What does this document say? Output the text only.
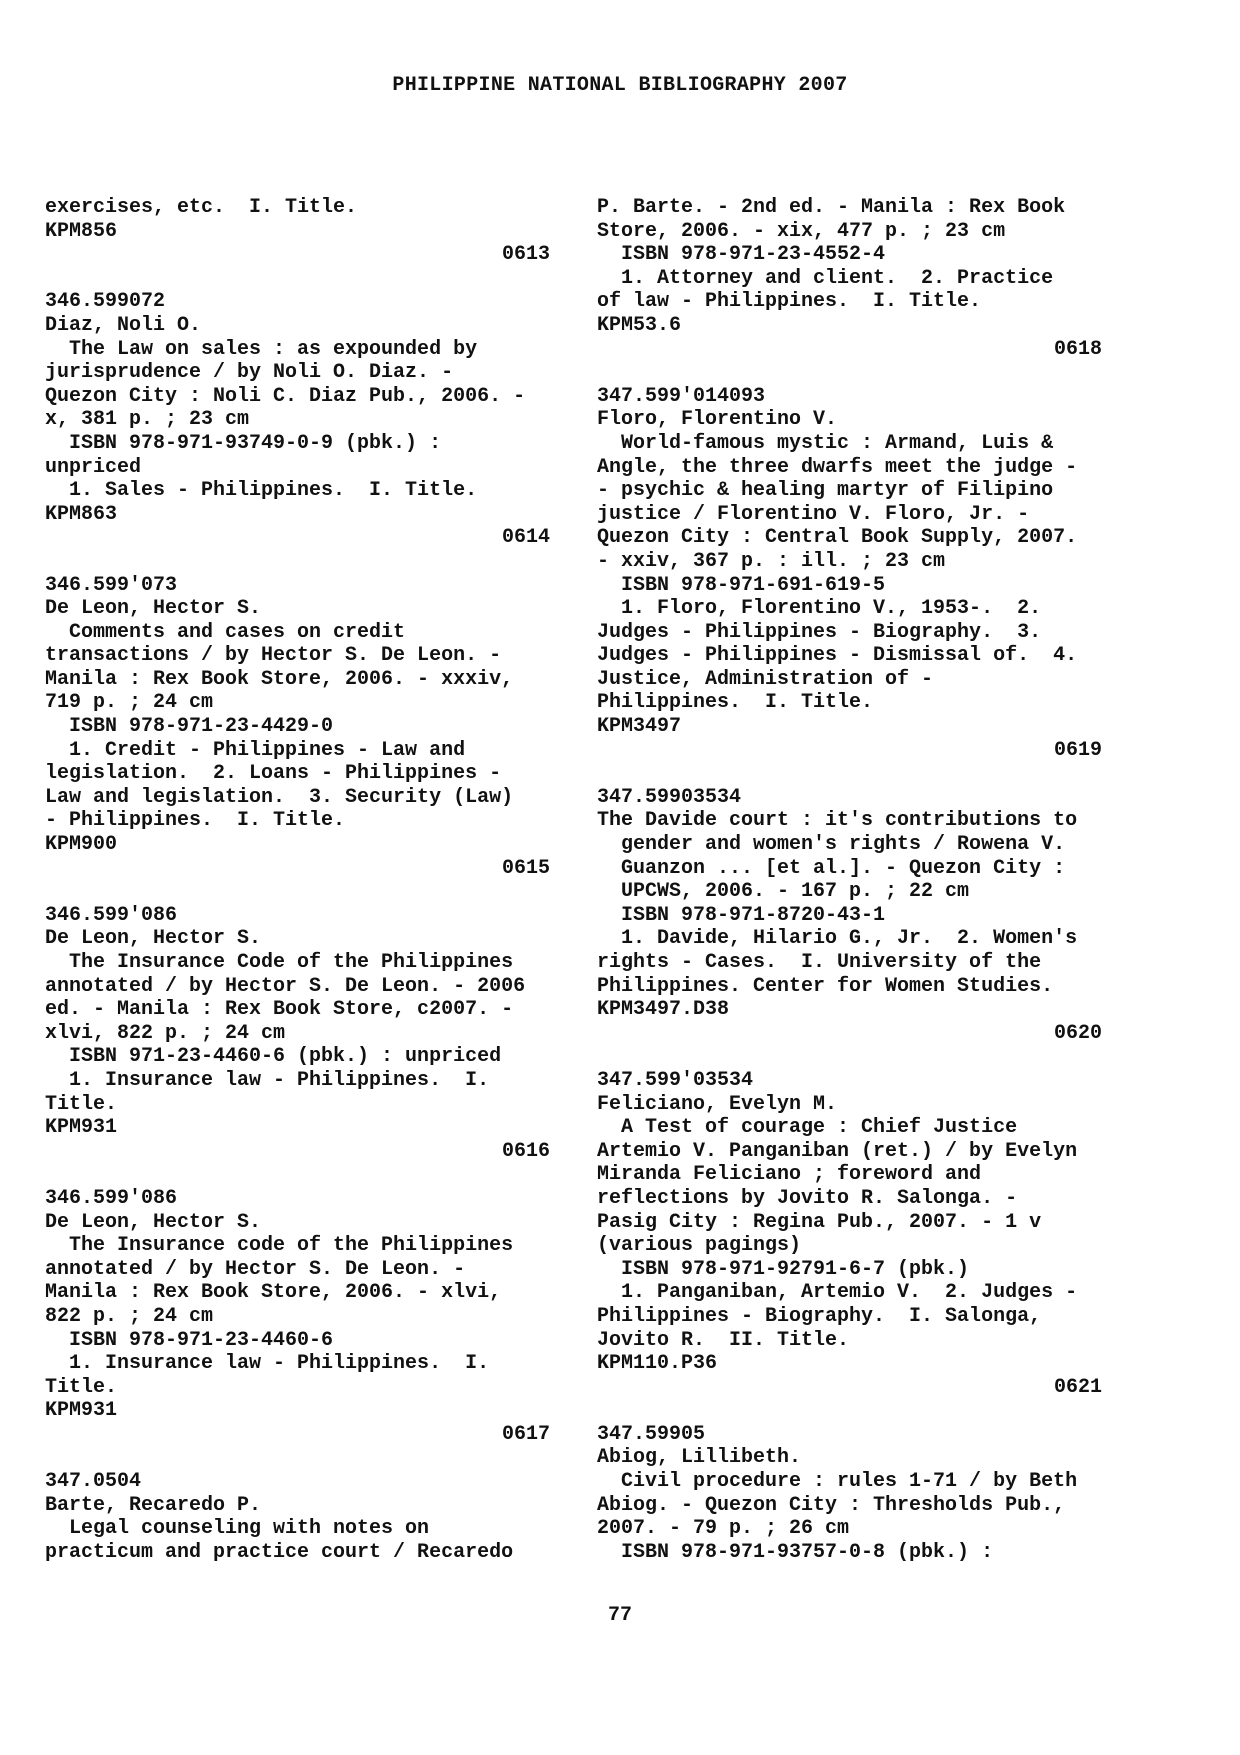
PHILIPPINE NATIONAL BIBLIOGRAPHY 2007
exercises, etc.  I. Title.
KPM856
0613
346.599072
Diaz, Noli O.
The Law on sales : as expounded by
jurisprudence / by Noli O. Diaz. -
Quezon City : Noli C. Diaz Pub., 2006. -
x, 381 p. ; 23 cm
ISBN 978-971-93749-0-9 (pbk.) :
unpriced
1. Sales - Philippines.  I. Title.
KPM863
0614
346.599'073
De Leon, Hector S.
Comments and cases on credit
transactions / by Hector S. De Leon. -
Manila : Rex Book Store, 2006. - xxxiv,
719 p. ; 24 cm
ISBN 978-971-23-4429-0
1. Credit - Philippines - Law and
legislation.  2. Loans - Philippines -
Law and legislation.  3. Security (Law)
- Philippines.  I. Title.
KPM900
0615
346.599'086
De Leon, Hector S.
The Insurance Code of the Philippines
annotated / by Hector S. De Leon. - 2006
ed. - Manila : Rex Book Store, c2007. -
xlvi, 822 p. ; 24 cm
ISBN 971-23-4460-6 (pbk.) : unpriced
1. Insurance law - Philippines.  I.
Title.
KPM931
0616
346.599'086
De Leon, Hector S.
The Insurance code of the Philippines
annotated / by Hector S. De Leon. -
Manila : Rex Book Store, 2006. - xlvi,
822 p. ; 24 cm
ISBN 978-971-23-4460-6
1. Insurance law - Philippines.  I.
Title.
KPM931
0617
347.0504
Barte, Recaredo P.
Legal counseling with notes on
practicum and practice court / Recaredo
P. Barte. - 2nd ed. - Manila : Rex Book
Store, 2006. - xix, 477 p. ; 23 cm
ISBN 978-971-23-4552-4
1. Attorney and client.  2. Practice
of law - Philippines.  I. Title.
KPM53.6
0618
347.599'014093
Floro, Florentino V.
World-famous mystic : Armand, Luis &
Angle, the three dwarfs meet the judge -
- psychic & healing martyr of Filipino
justice / Florentino V. Floro, Jr. -
Quezon City : Central Book Supply, 2007.
- xxiv, 367 p. : ill. ; 23 cm
ISBN 978-971-691-619-5
1. Floro, Florentino V., 1953-.  2.
Judges - Philippines - Biography.  3.
Judges - Philippines - Dismissal of.  4.
Justice, Administration of -
Philippines.  I. Title.
KPM3497
0619
347.59903534
The Davide court : it's contributions to
gender and women's rights / Rowena V.
Guanzon ... [et al.]. - Quezon City :
UPCWS, 2006. - 167 p. ; 22 cm
ISBN 978-971-8720-43-1
1. Davide, Hilario G., Jr.  2. Women's
rights - Cases.  I. University of the
Philippines. Center for Women Studies.
KPM3497.D38
0620
347.599'03534
Feliciano, Evelyn M.
A Test of courage : Chief Justice
Artemio V. Panganiban (ret.) / by Evelyn
Miranda Feliciano ; foreword and
reflections by Jovito R. Salonga. -
Pasig City : Regina Pub., 2007. - 1 v
(various pagings)
ISBN 978-971-92791-6-7 (pbk.)
1. Panganiban, Artemio V.  2. Judges -
Philippines - Biography.  I. Salonga,
Jovito R.  II. Title.
KPM110.P36
0621
347.59905
Abiog, Lillibeth.
Civil procedure : rules 1-71 / by Beth
Abiog. - Quezon City : Thresholds Pub.,
2007. - 79 p. ; 26 cm
ISBN 978-971-93757-0-8 (pbk.) :
77
